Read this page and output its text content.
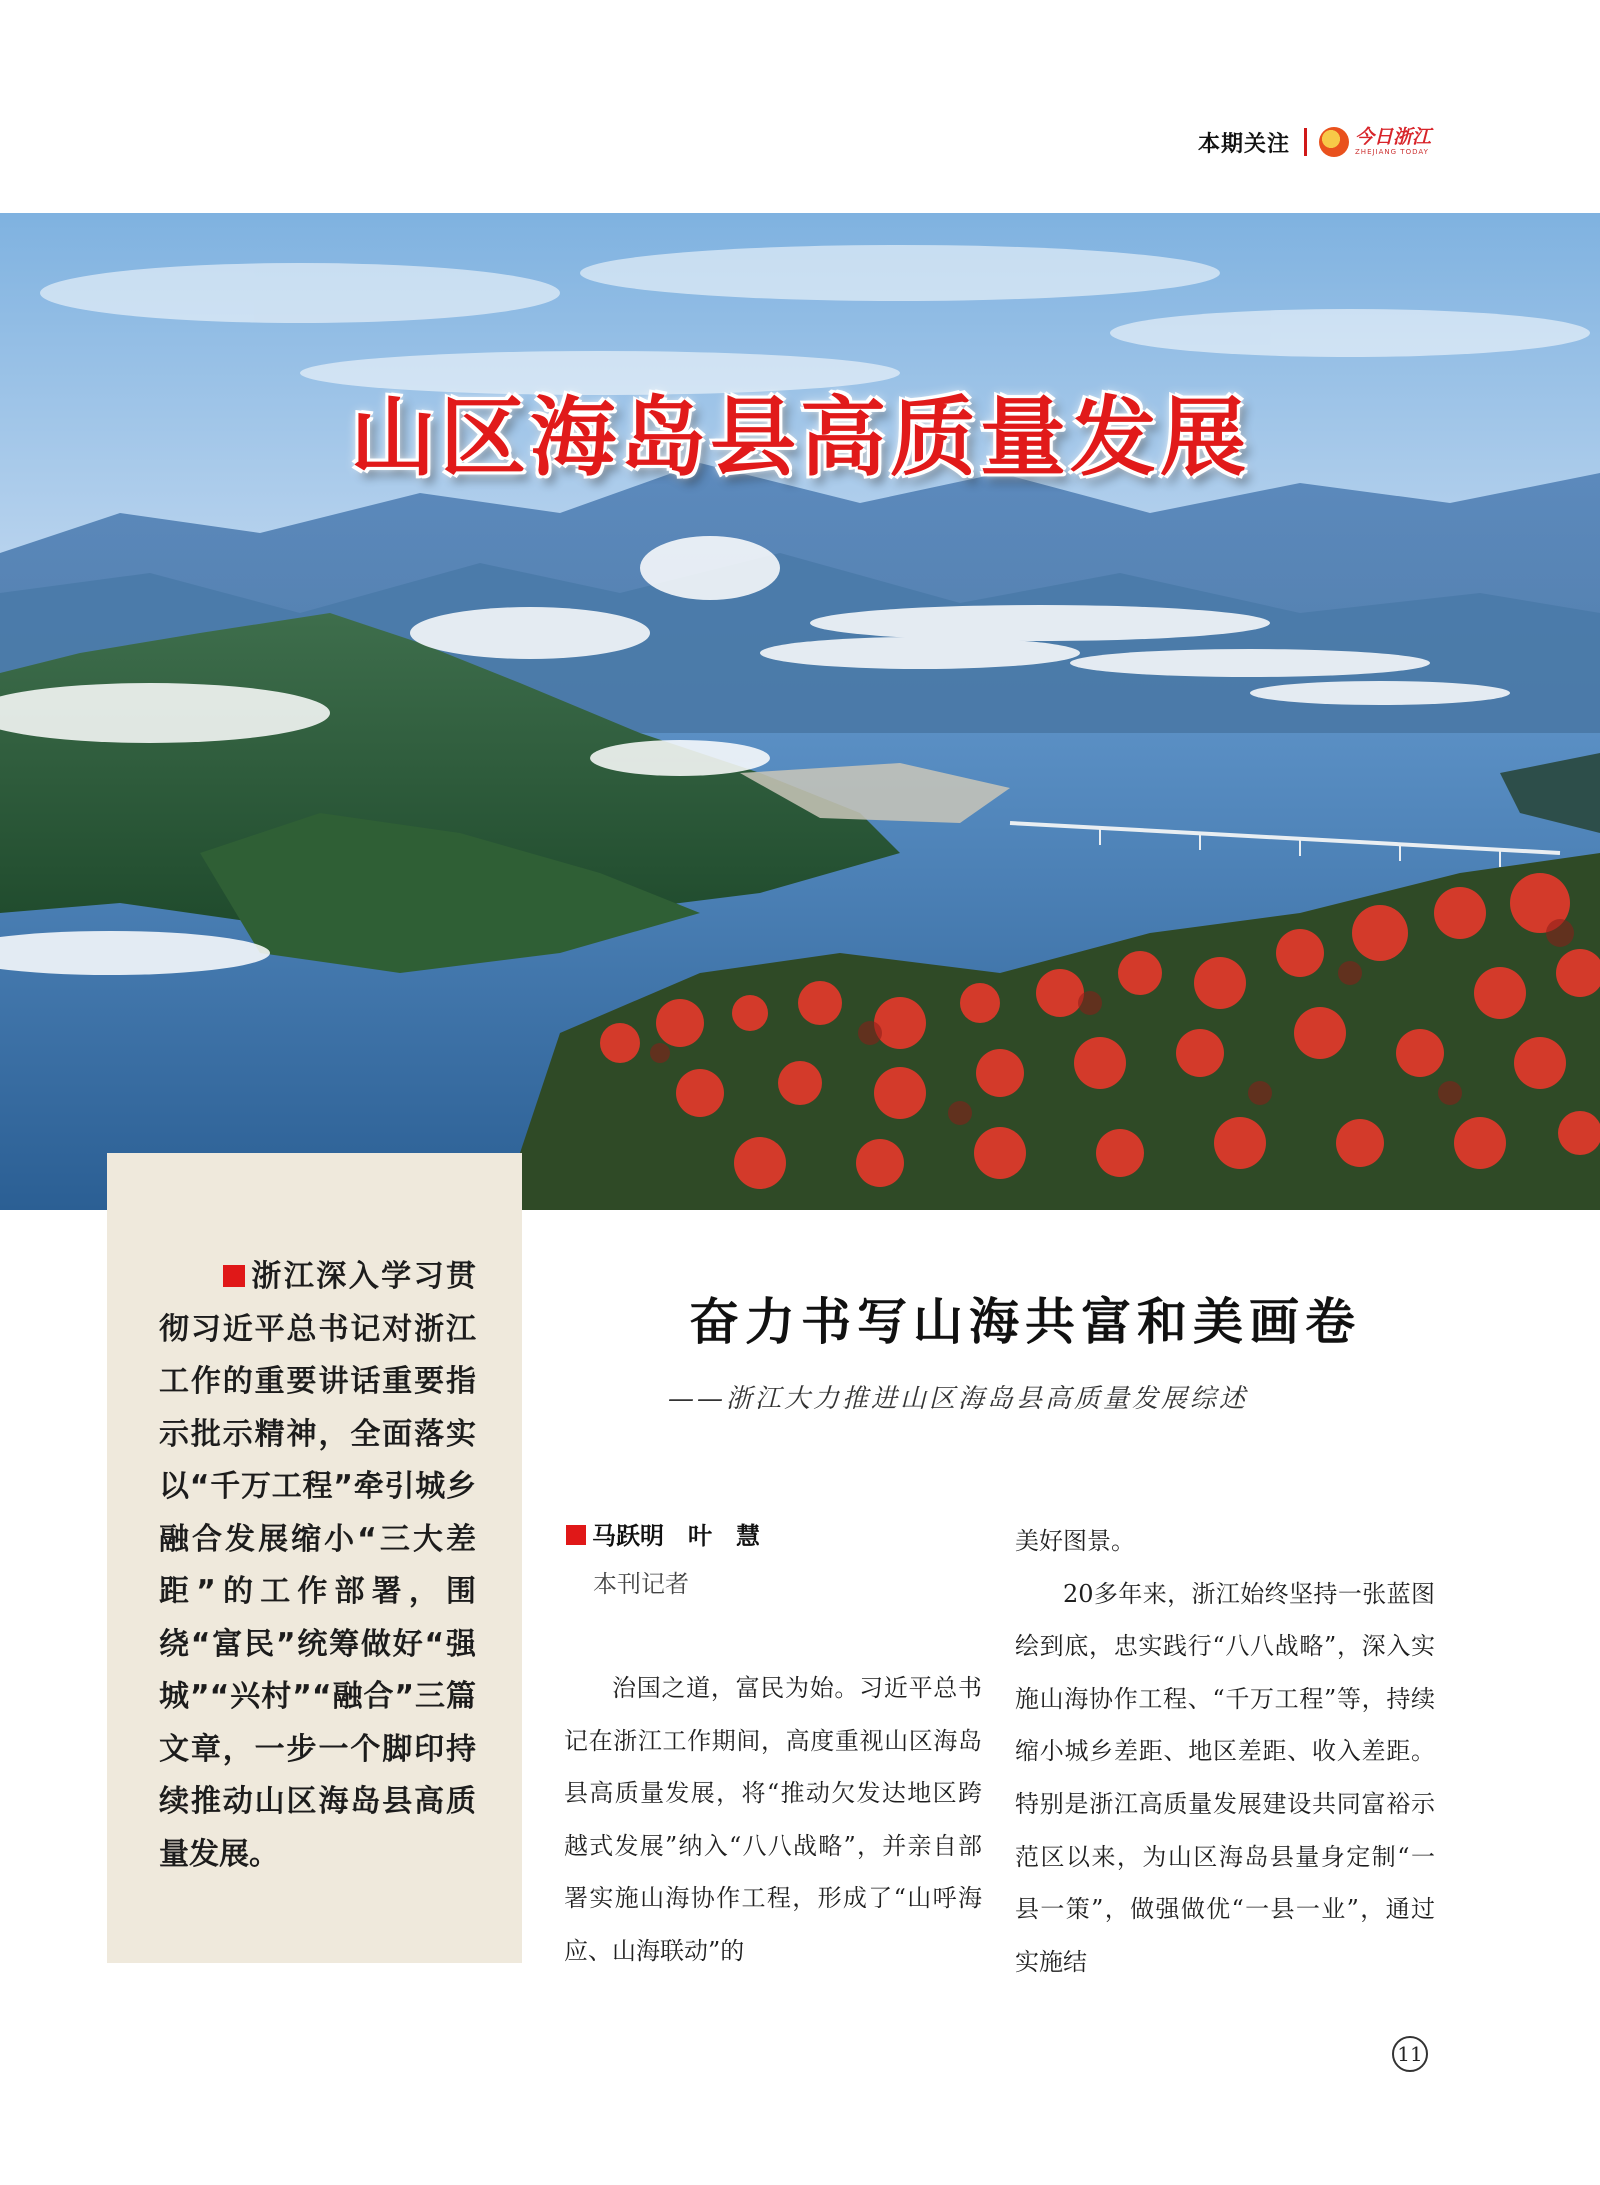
本期关注	今日浙江
ZHEJIANG TODAY
山区海岛县高质量发展
浙江深入学习贯彻习近平总书记对浙江工作的重要讲话重要指示批示精神，全面落实以“千万工程”牵引城乡融合发展缩小“三大差距”的工作部署，围绕“富民”统筹做好“强城”“兴村”“融合”三篇文章，一步一个脚印持续推动山区海岛县高质量发展。
奋力书写山海共富和美画卷
——浙江大力推进山区海岛县高质量发展综述
马跃明　叶　慧
本刊记者

治国之道，富民为始。习近平总书记在浙江工作期间，高度重视山区海岛县高质量发展，将“推动欠发达地区跨越式发展”纳入“八八战略”，并亲自部署实施山海协作工程，形成了“山呼海应、山海联动”的

美好图景。

20多年来，浙江始终坚持一张蓝图绘到底，忠实践行“八八战略”，深入实施山海协作工程、“千万工程”等，持续缩小城乡差距、地区差距、收入差距。特别是浙江高质量发展建设共同富裕示范区以来，为山区海岛县量身定制“一县一策”，做强做优“一县一业”，通过实施结

11
